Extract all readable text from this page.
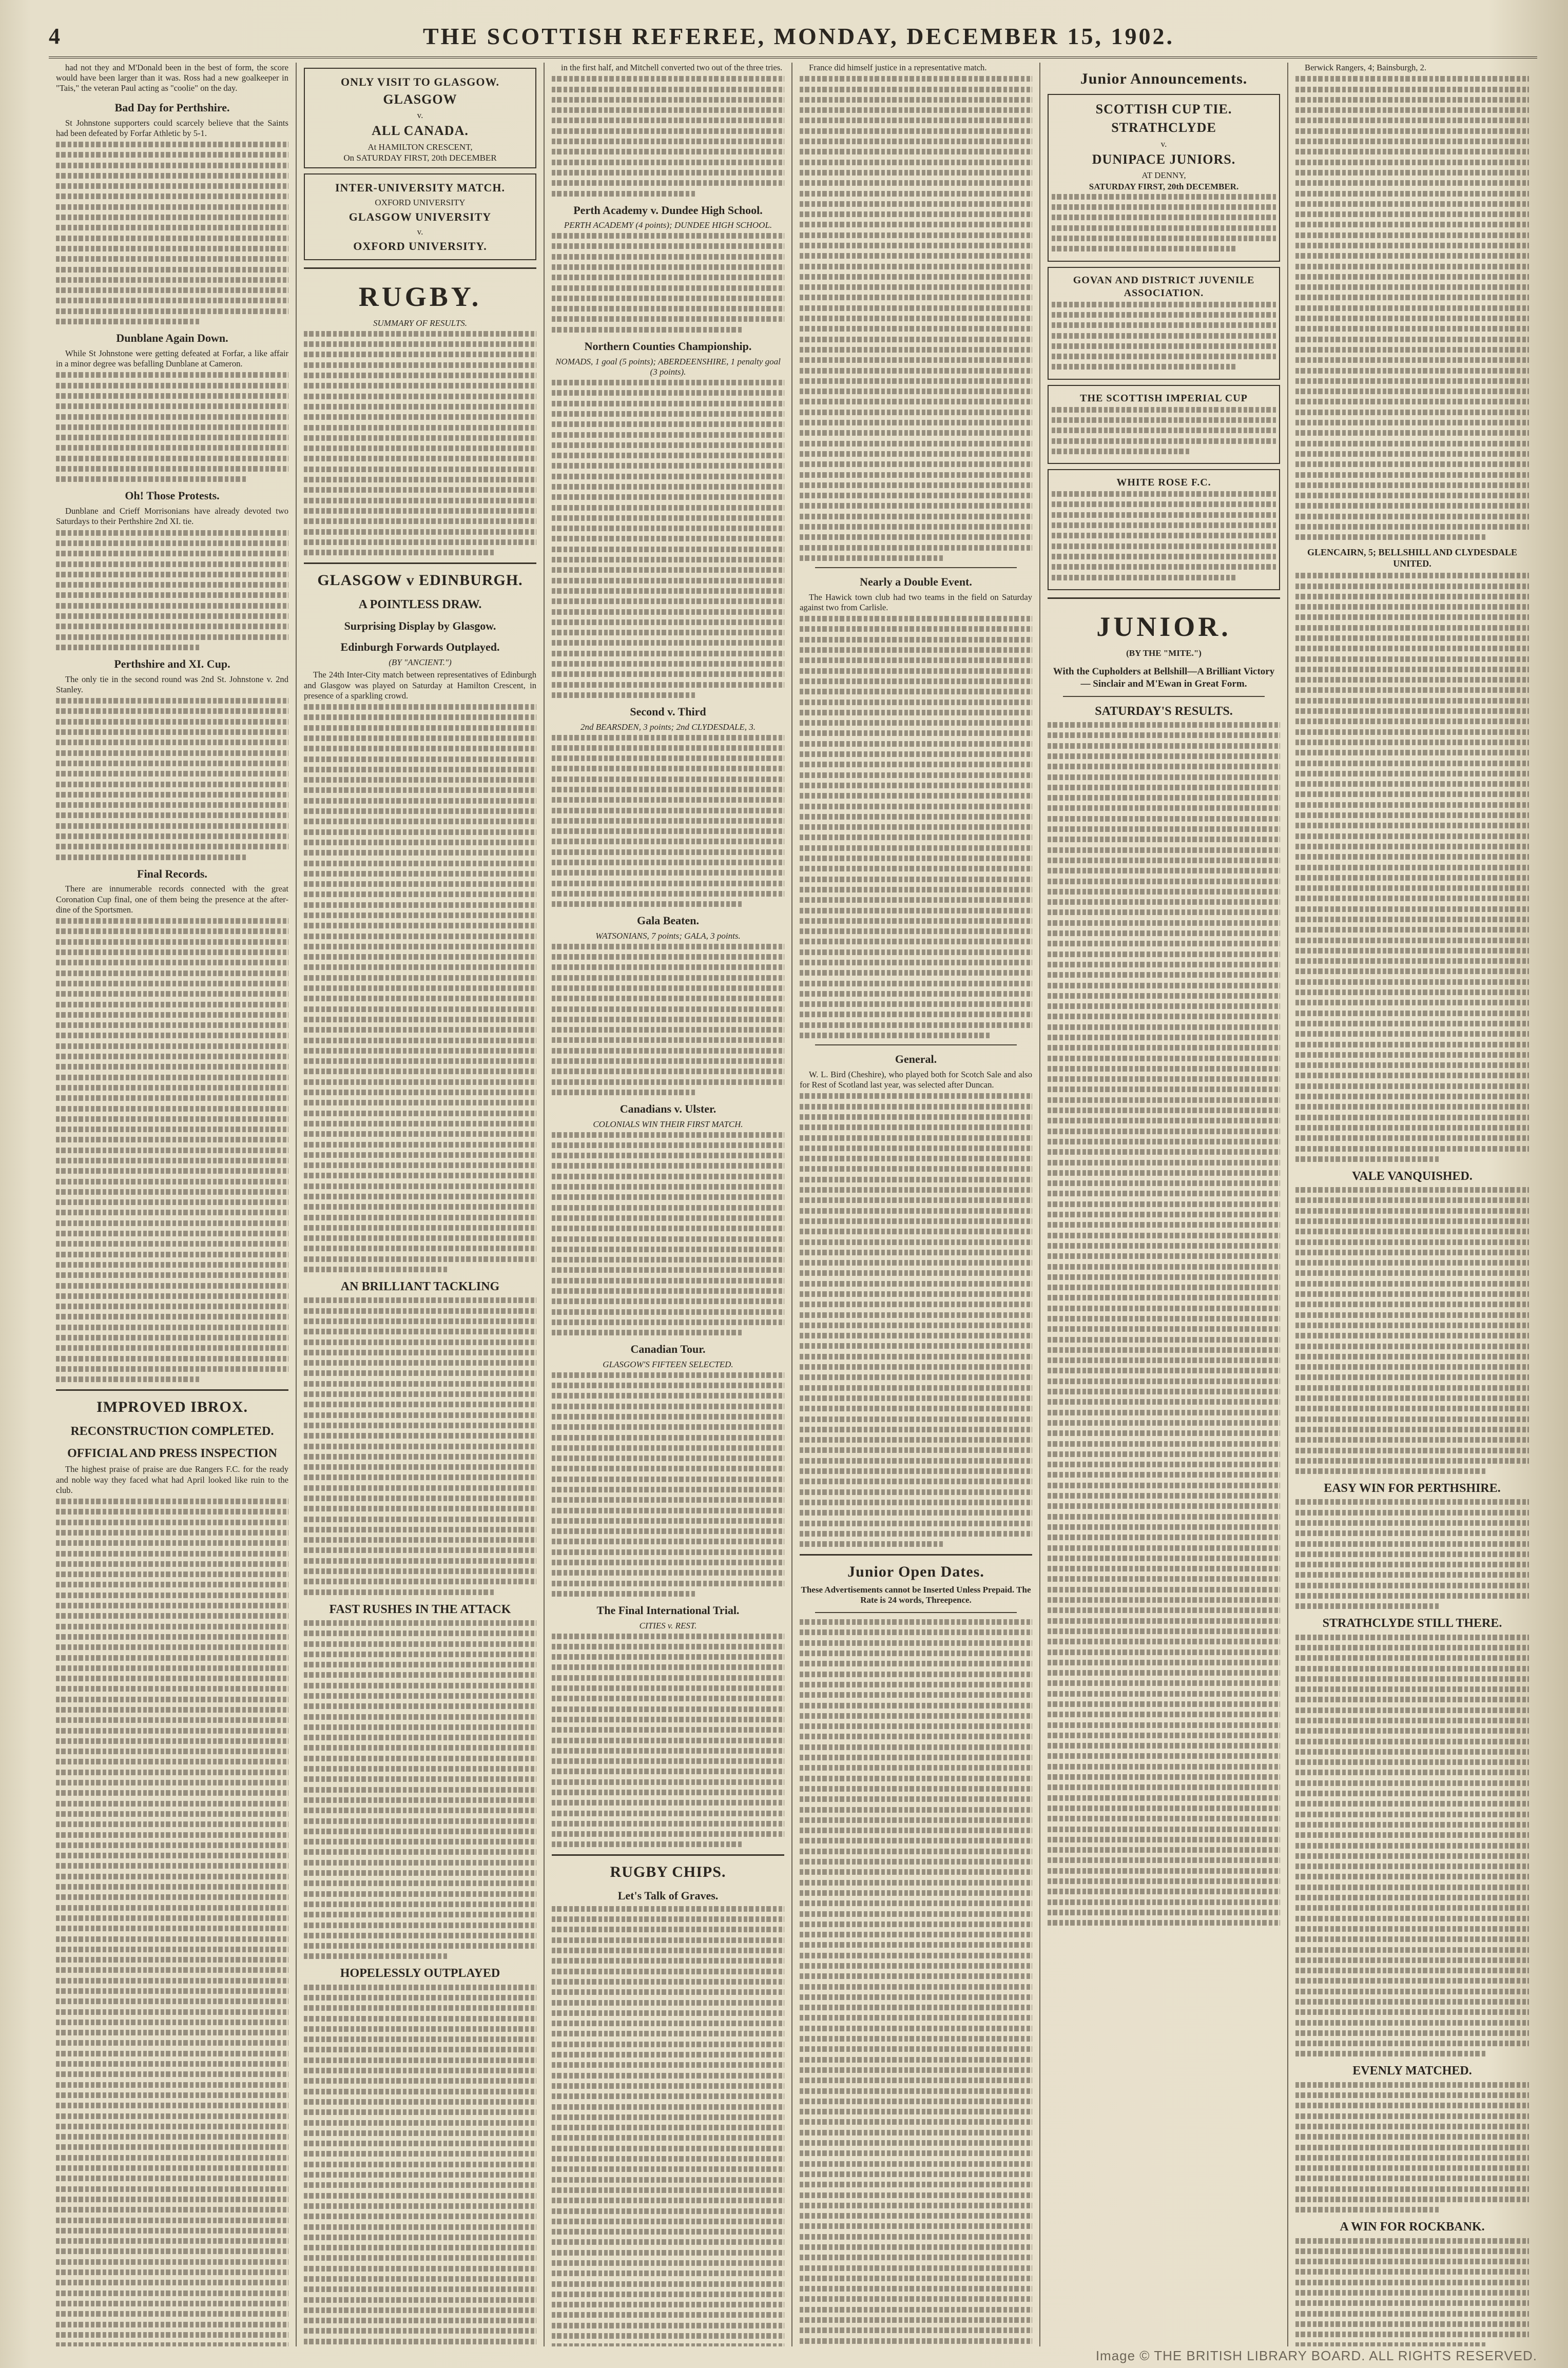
4	THE SCOTTISH REFEREE, MONDAY, DECEMBER 15, 1902.

had not they and M'Donald been in the best of form, the score would have been larger than it was. Ross had a new goalkeeper in "Tais," the veteran Paul acting as "coolie" on the day.

Bad Day for Perthshire.

St Johnstone supporters could scarcely believe that the Saints had been defeated by Forfar Athletic by 5-1.

Dunblane Again Down.

While St Johnstone were getting defeated at Forfar, a like affair in a minor degree was befalling Dunblane at Cameron.

Oh! Those Protests.

Dunblane and Crieff Morrisonians have already devoted two Saturdays to their Perthshire 2nd XI. tie.

Perthshire and XI. Cup.

The only tie in the second round was 2nd St. Johnstone v. 2nd Stanley.

Final Records.

There are innumerable records connected with the great Coronation Cup final, one of them being the presence at the after-dine of the Sportsmen.

IMPROVED IBROX.
RECONSTRUCTION COMPLETED.
OFFICIAL AND PRESS INSPECTION

The highest praise of praise are due Rangers F.C. for the ready and noble way they faced what had April looked like ruin to the club.

ONLY VISIT TO GLASGOW.
GLASGOW
v.
ALL CANADA.
At HAMILTON CRESCENT,
On SATURDAY FIRST, 20th DECEMBER
INTER-UNIVERSITY MATCH.
OXFORD UNIVERSITY
GLASGOW UNIVERSITY
v.
OXFORD UNIVERSITY.
RUGBY.
SUMMARY OF RESULTS.
GLASGOW v EDINBURGH.
A POINTLESS DRAW.
Surprising Display by Glasgow.
Edinburgh Forwards Outplayed.
(BY "ANCIENT.")

The 24th Inter-City match between representatives of Edinburgh and Glasgow was played on Saturday at Hamilton Crescent, in presence of a sparkling crowd.

AN BRILLIANT TACKLING
FAST RUSHES IN THE ATTACK
HOPELESSLY OUTPLAYED

in the first half, and Mitchell converted two out of the three tries.

Perth Academy v. Dundee High School.
PERTH ACADEMY (4 points); DUNDEE HIGH SCHOOL.
Northern Counties Championship.
NOMADS, 1 goal (5 points); ABERDEENSHIRE, 1 penalty goal (3 points).
Second v. Third
2nd BEARSDEN, 3 points; 2nd CLYDESDALE, 3.
Gala Beaten.
WATSONIANS, 7 points; GALA, 3 points.
Canadians v. Ulster.
COLONIALS WIN THEIR FIRST MATCH.
Canadian Tour.
GLASGOW'S FIFTEEN SELECTED.
The Final International Trial.
CITIES v. REST.
RUGBY CHIPS.
Let's Talk of Graves.

France did himself justice in a representative match.

Nearly a Double Event.

The Hawick town club had two teams in the field on Saturday against two from Carlisle.

General.

W. L. Bird (Cheshire), who played both for Scotch Sale and also for Rest of Scotland last year, was selected after Duncan.

Junior Open Dates.
These Advertisements cannot be Inserted Unless Prepaid. The Rate is 24 words, Threepence.
Junior Announcements.
SCOTTISH CUP TIE.
STRATHCLYDE
v.
DUNIPACE JUNIORS.
AT DENNY,
SATURDAY FIRST, 20th DECEMBER.
GOVAN AND DISTRICT JUVENILE ASSOCIATION.
THE SCOTTISH IMPERIAL CUP
WHITE ROSE F.C.
JUNIOR.
(BY THE "MITE.")
With the Cupholders at Bellshill—A Brilliant Victory — Sinclair and M'Ewan in Great Form.
SATURDAY'S RESULTS.

Berwick Rangers, 4; Bainsburgh, 2.

GLENCAIRN, 5; BELLSHILL AND CLYDESDALE UNITED.
VALE VANQUISHED.
EASY WIN FOR PERTHSHIRE.
STRATHCLYDE STILL THERE.
EVENLY MATCHED.
A WIN FOR ROCKBANK.
Image © THE BRITISH LIBRARY BOARD. ALL RIGHTS RESERVED.
